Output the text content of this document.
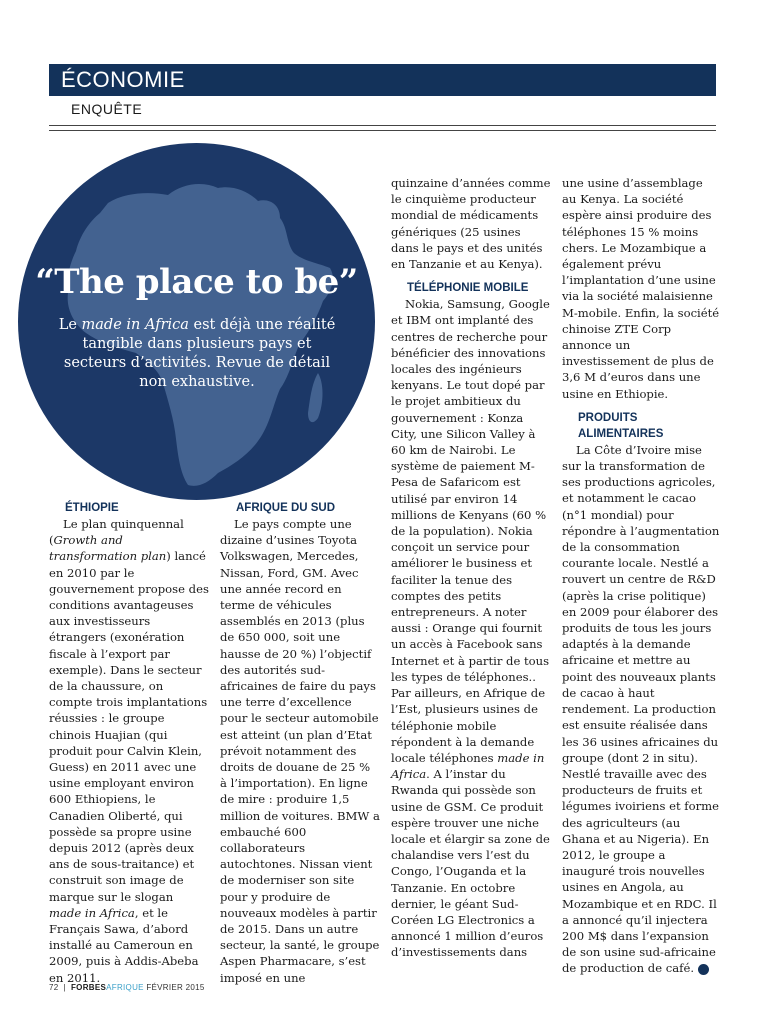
ÉCONOMIE
ENQUÊTE
“The place to be”
Le made in Africa est déjà une réalité tangible dans plusieurs pays et secteurs d’activités. Revue de détail non exhaustive.
ÉTHIOPIE

Le plan quinquennal (Growth and transformation plan) lancé en 2010 par le gouvernement propose des conditions avantageuses aux investisseurs étrangers (exonération fiscale à l’export par exemple). Dans le secteur de la chaussure, on compte trois implantations réussies : le groupe chinois Huajian (qui produit pour Calvin Klein, Guess) en 2011 avec une usine employant environ 600 Ethiopiens, le Canadien Oliberté, qui possède sa propre usine depuis 2012 (après deux ans de sous-traitance) et construit son image de marque sur le slogan made in Africa, et le Français Sawa, d’abord installé au Cameroun en 2009, puis à Addis-Abeba en 2011.

AFRIQUE DU SUD

Le pays compte une dizaine d’usines Toyota Volkswagen, Mercedes, Nissan, Ford, GM. Avec une année record en terme de véhicules assemblés en 2013 (plus de 650 000, soit une hausse de 20 %) l’objectif des autorités sud-africaines de faire du pays une terre d’excellence pour le secteur automobile est atteint (un plan d’Etat prévoit notamment des droits de douane de 25 % à l’importation). En ligne de mire : produire 1,5 million de voitures. BMW a embauché 600 collaborateurs autochtones. Nissan vient de moderniser son site pour y produire de nouveaux modèles à partir de 2015. Dans un autre secteur, la santé, le groupe Aspen Pharmacare, s’est imposé en une

quinzaine d’années comme le cinquième producteur mondial de médicaments génériques (25 usines dans le pays et des unités en Tanzanie et au Kenya).

TÉLÉPHONIE MOBILE

Nokia, Samsung, Google et IBM ont implanté des centres de recherche pour bénéficier des innovations locales des ingénieurs kenyans. Le tout dopé par le projet ambitieux du gouvernement : Konza City, une Silicon Valley à 60 km de Nairobi. Le système de paiement M-Pesa de Safaricom est utilisé par environ 14 millions de Kenyans (60 % de la population). Nokia conçoit un service pour améliorer le business et faciliter la tenue des comptes des petits entrepreneurs. A noter aussi : Orange qui fournit un accès à Facebook sans Internet et à partir de tous les types de téléphones.. Par ailleurs, en Afrique de l’Est, plusieurs usines de téléphonie mobile répondent à la demande locale téléphones made in Africa. A l’instar du Rwanda qui possède son usine de GSM. Ce produit espère trouver une niche locale et élargir sa zone de chalandise vers l’est du Congo, l’Ouganda et la Tanzanie. En octobre dernier, le géant Sud-Coréen LG Electronics a annoncé 1 million d’euros d’investissements dans

une usine d’assemblage au Kenya. La société espère ainsi produire des téléphones 15 % moins chers. Le Mozambique a également prévu l’implantation d’une usine via la société malaisienne M-mobile. Enfin, la société chinoise ZTE Corp annonce un investissement de plus de 3,6 M d’euros dans une usine en Ethiopie.

PRODUITS
ALIMENTAIRES

La Côte d’Ivoire mise sur la transformation de ses productions agricoles, et notamment le cacao (n°1 mondial) pour répondre à l’augmentation de la consommation courante locale. Nestlé a rouvert un centre de R&D (après la crise politique) en 2009 pour élaborer des produits de tous les jours adaptés à la demande africaine et mettre au point des nouveaux plants de cacao à haut rendement. La production est ensuite réalisée dans les 36 usines africaines du groupe (dont 2 in situ). Nestlé travaille avec des producteurs de fruits et légumes ivoiriens et forme des agriculteurs (au Ghana et au Nigeria). En 2012, le groupe a inauguré trois nouvelles usines en Angola, au Mozambique et en RDC. Il a annoncé qu’il injectera 200 M$ dans l’expansion de son usine sud-africaine de production de café. F

72 | FORBESAFRIQUE FÉVRIER 2015
